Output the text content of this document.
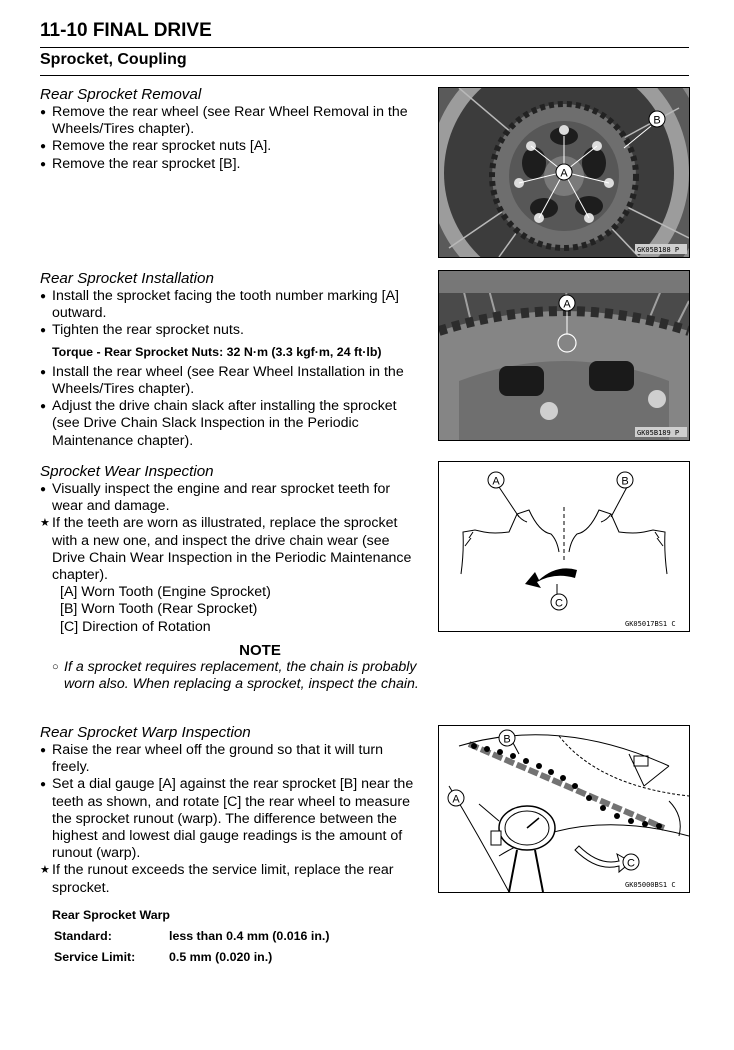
11-10 FINAL DRIVE
Sprocket, Coupling
Rear Sprocket Removal

● Remove the rear wheel (see Rear Wheel Removal in the Wheels/Tires chapter).

● Remove the rear sprocket nuts [A].

● Remove the rear sprocket [B].

A
B
GK05B188 P
Rear Sprocket Installation

● Install the sprocket facing the tooth number marking [A] outward.

● Tighten the rear sprocket nuts.

Torque - Rear Sprocket Nuts: 32 N·m (3.3 kgf·m, 24 ft·lb)

● Install the rear wheel (see Rear Wheel Installation in the Wheels/Tires chapter).

● Adjust the drive chain slack after installing the sprocket (see Drive Chain Slack Inspection in the Periodic Maintenance chapter).

A
GK05B189 P
Sprocket Wear Inspection

● Visually inspect the engine and rear sprocket teeth for wear and damage.

★ If the teeth are worn as illustrated, replace the sprocket with a new one, and inspect the drive chain wear (see Drive Chain Wear Inspection in the Periodic Maintenance chapter).

[A] Worn Tooth (Engine Sprocket)

[B] Worn Tooth (Rear Sprocket)

[C] Direction of Rotation

NOTE

○ If a sprocket requires replacement, the chain is probably worn also. When replacing a sprocket, inspect the chain.

A	B
C
GK05017BS1 C
Rear Sprocket Warp Inspection

● Raise the rear wheel off the ground so that it will turn freely.

● Set a dial gauge [A] against the rear sprocket [B] near the teeth as shown, and rotate [C] the rear wheel to measure the sprocket runout (warp). The difference between the highest and lowest dial gauge readings is the amount of runout (warp).

★ If the runout exceeds the service limit, replace the rear sprocket.

Rear Sprocket Warp
Standard:	less than 0.4 mm (0.016 in.)
Service Limit:	0.5 mm (0.020 in.)
A
B
C
GK05000BS1 C
